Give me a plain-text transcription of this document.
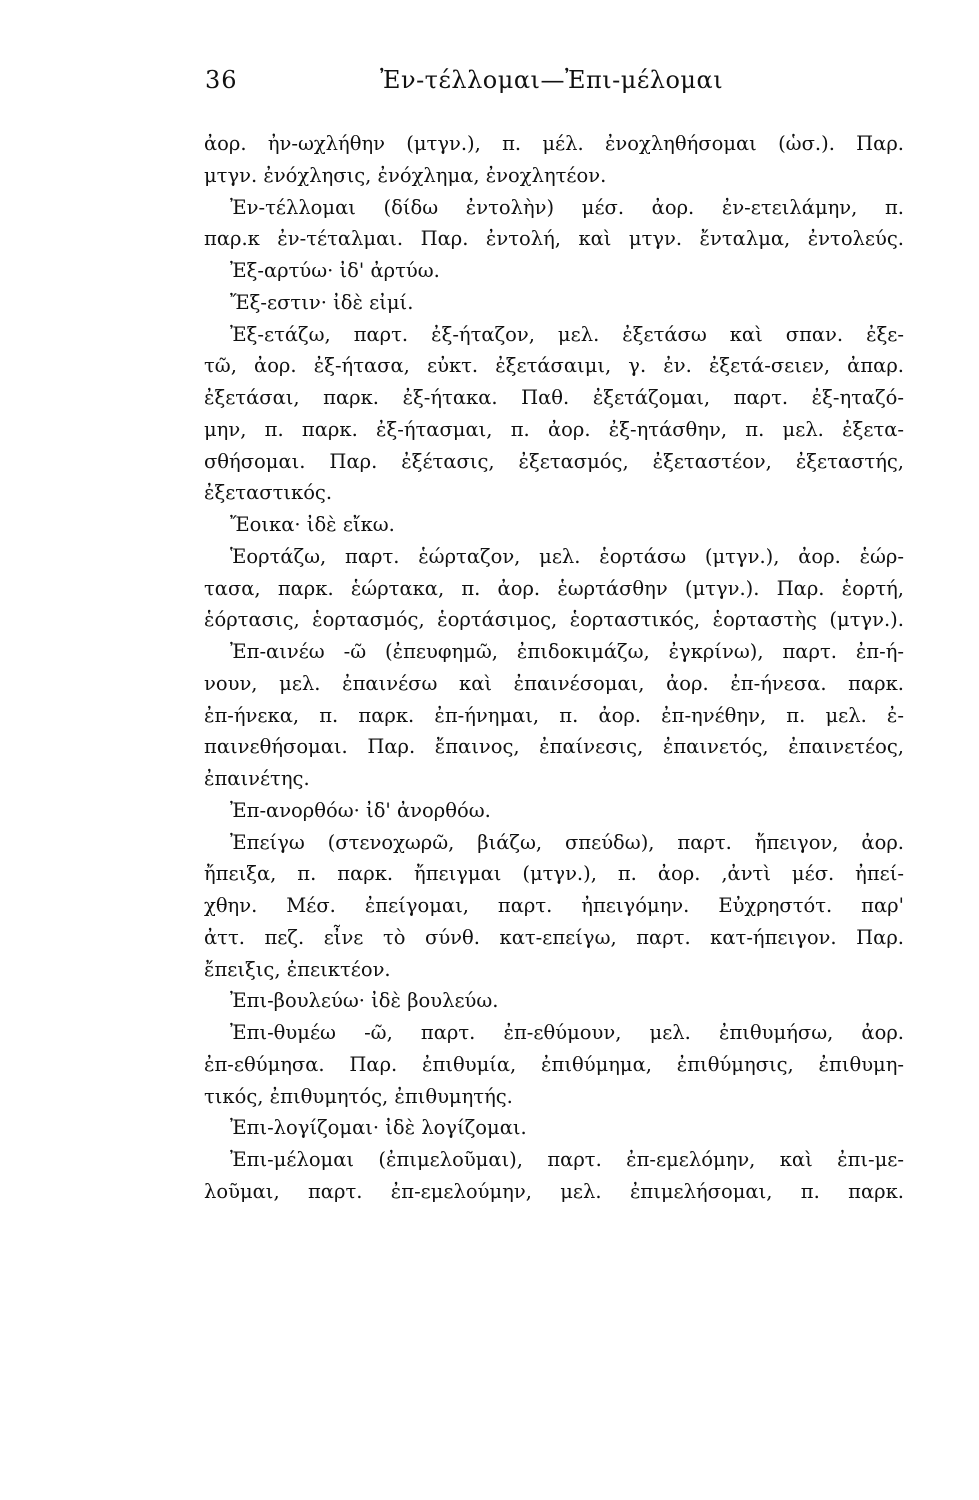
36	Ἐν-τέλλομαι—Ἐπι-μέλομαι
ἀορ. ἠν-ωχλήθην (μτγν.), π. μέλ. ἐνοχληθήσομαι (ὡσ.). Παρ.
μτγν. ἐνόχλησις, ἐνόχλημα, ἐνοχλητέον.
Ἐν-τέλλομαι (δίδω ἐντολὴν) μέσ. ἀορ. ἐν-ετειλάμην, π.
παρ.κ ἐν-τέταλμαι. Παρ. ἐντολή, καὶ μτγν. ἔνταλμα, ἐντολεύς.
Ἐξ-αρτύω· ἰδ' ἀρτύω.
Ἔξ-εστιν· ἰδὲ εἰμί.
Ἐξ-ετάζω, παρτ. ἐξ-ήταζον, μελ. ἐξετάσω καὶ σπαν. ἐξε-
τῶ, ἀορ. ἐξ-ήτασα, εὐκτ. ἐξετάσαιμι, γ. ἐν. ἐξετά-σειεν, ἀπαρ.
ἐξετάσαι, παρκ. ἐξ-ήτακα. Παθ. ἐξετάζομαι, παρτ. ἐξ-ηταζό-
μην, π. παρκ. ἐξ-ήτασμαι, π. ἀορ. ἐξ-ητάσθην, π. μελ. ἐξετα-
σθήσομαι. Παρ. ἐξέτασις, ἐξετασμός, ἐξεταστέον, ἐξεταστής,
ἐξεταστικός.
Ἔοικα· ἰδὲ εἴκω.
Ἑορτάζω, παρτ. ἑώρταζον, μελ. ἑορτάσω (μτγν.), ἀορ. ἑώρ-
τασα, παρκ. ἑώρτακα, π. ἀορ. ἑωρτάσθην (μτγν.). Παρ. ἑορτή,
ἑόρτασις, ἑορτασμός, ἑορτάσιμος, ἑορταστικός, ἑορταστὴς (μτγν.).
Ἐπ-αινέω -ῶ (ἐπευφημῶ, ἐπιδοκιμάζω, ἐγκρίνω), παρτ. ἐπ-ή-
νουν, μελ. ἐπαινέσω καὶ ἐπαινέσομαι, ἀορ. ἐπ-ήνεσα. παρκ.
ἐπ-ήνεκα, π. παρκ. ἐπ-ήνημαι, π. ἀορ. ἐπ-ηνέθην, π. μελ. ἐ-
παινεθήσομαι. Παρ. ἔπαινος, ἐπαίνεσις, ἐπαινετός, ἐπαινετέος,
ἐπαινέτης.
Ἐπ-ανορθόω· ἰδ' ἀνορθόω.
Ἐπείγω (στενοχωρῶ, βιάζω, σπεύδω), παρτ. ἤπειγον, ἀορ.
ἤπειξα, π. παρκ. ἤπειγμαι (μτγν.), π. ἀορ. ,ἀντὶ μέσ. ἠπεί-
χθην. Μέσ. ἐπείγομαι, παρτ. ἠπειγόμην. Εὐχρηστότ. παρ'
ἀττ. πεζ. εἶνε τὸ σύνθ. κατ-επείγω, παρτ. κατ-ήπειγον. Παρ.
ἔπειξις, ἐπεικτέον.
Ἐπι-βουλεύω· ἰδὲ βουλεύω.
Ἐπι-θυμέω -ῶ, παρτ. ἐπ-εθύμουν, μελ. ἐπιθυμήσω, ἀορ.
ἐπ-εθύμησα. Παρ. ἐπιθυμία, ἐπιθύμημα, ἐπιθύμησις, ἐπιθυμη-
τικός, ἐπιθυμητός, ἐπιθυμητής.
Ἐπι-λογίζομαι· ἰδὲ λογίζομαι.
Ἐπι-μέλομαι (ἐπιμελοῦμαι), παρτ. ἐπ-εμελόμην, καὶ ἐπι-με-
λοῦμαι, παρτ. ἐπ-εμελούμην, μελ. ἐπιμελήσομαι, π. παρκ.
